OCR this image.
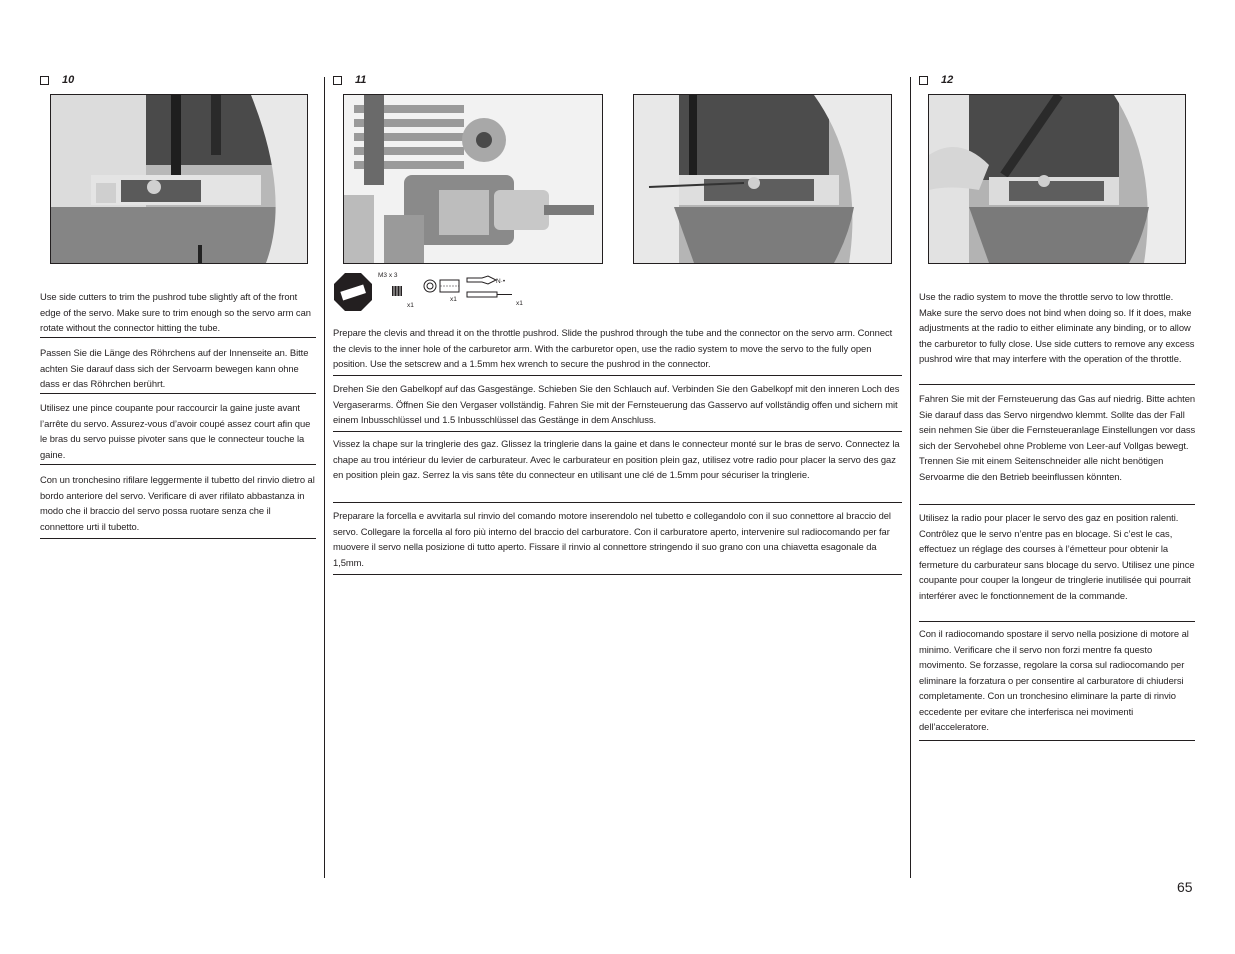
10
Use side cutters to trim the pushrod tube slightly aft of the front edge of the servo. Make sure to trim enough so the servo arm can rotate without the connector hitting the tube.
Passen Sie die Länge des Röhrchens auf der Innenseite an. Bitte achten Sie darauf dass sich der Servoarm bewegen kann ohne dass er das Röhrchen berührt.
Utilisez une pince coupante pour raccourcir la gaine juste avant l’arrête du servo. Assurez-vous d’avoir coupé assez court afin que le bras du servo puisse pivoter sans que le connecteur touche la gaine.
Con un tronchesino rifilare leggermente il tubetto del rinvio dietro al bordo anteriore del servo. Verificare di aver rifilato abbastanza in modo che il braccio del servo possa ruotare senza che il connettore urti il tubetto.
11
M3 x 3
x1
x1
N·•
x1
Prepare the clevis and thread it on the throttle pushrod. Slide the pushrod through the tube and the connector on the servo arm. Connect the clevis to the inner hole of the carburetor arm. With the carburetor open, use the radio system to move the servo to the fully open position. Use the setscrew and a 1.5mm hex wrench to secure the pushrod in the connector.
Drehen Sie den Gabelkopf auf das Gasgestänge. Schieben Sie den Schlauch auf. Verbinden Sie den Gabelkopf mit den inneren Loch des Vergaserarms. Öffnen Sie den Vergaser vollständig. Fahren Sie mit der Fernsteuerung das Gasservo auf vollständig offen und sichern mit einem Inbusschlüssel und 1.5 Inbusschlüssel das Gestänge in dem Anschluss.
Vissez la chape sur la tringlerie des gaz. Glissez la tringlerie dans la gaine et dans le connecteur monté sur le bras de servo. Connectez la chape au trou intérieur du levier de carburateur. Avec le carburateur en position plein gaz, utilisez votre radio pour placer la servo des gaz en position plein gaz. Serrez la vis sans tête du connecteur en utilisant une clé de 1.5mm pour sécuriser la tringlerie.
Preparare la forcella e avvitarla sul rinvio del comando motore inserendolo nel tubetto e collegandolo con il suo connettore al braccio del servo. Collegare la forcella al foro più interno del braccio del carburatore. Con il carburatore aperto, intervenire sul radiocomando per far muovere il servo nella posizione di tutto aperto. Fissare il rinvio al connettore stringendo il suo grano con una chiavetta esagonale da 1,5mm.
12
Use the radio system to move the throttle servo to low throttle. Make sure the servo does not bind when doing so. If it does, make adjustments at the radio to either eliminate any binding, or to allow the carburetor to fully close. Use side cutters to remove any excess pushrod wire that may interfere with the operation of the throttle.
Fahren Sie mit der Fernsteuerung das Gas auf niedrig. Bitte achten Sie darauf dass das Servo nirgendwo klemmt. Sollte das der Fall sein nehmen Sie über die Fernsteueranlage Einstellungen vor dass sich der Servohebel ohne Probleme von Leer-auf Vollgas bewegt. Trennen Sie mit einem Seitenschneider alle nicht benötigen Servoarme die den Betrieb beeinflussen könnten.
Utilisez la radio pour placer le servo des gaz en position ralenti. Contrôlez que le servo n’entre pas en blocage. Si c’est le cas, effectuez un réglage des courses à l’émetteur pour obtenir la fermeture du carburateur sans blocage du servo. Utilisez une pince coupante pour couper la longeur de tringlerie inutilisée qui pourrait interférer avec le fonctionnement de la commande.
Con il radiocomando spostare il servo nella posizione di motore al minimo. Verificare che il servo non forzi mentre fa questo movimento. Se forzasse, regolare la corsa sul radiocomando per eliminare la forzatura o per consentire al carburatore di chiudersi completamente. Con un tronchesino eliminare la parte di rinvio eccedente per evitare che interferisca nei movimenti dell’acceleratore.
65
